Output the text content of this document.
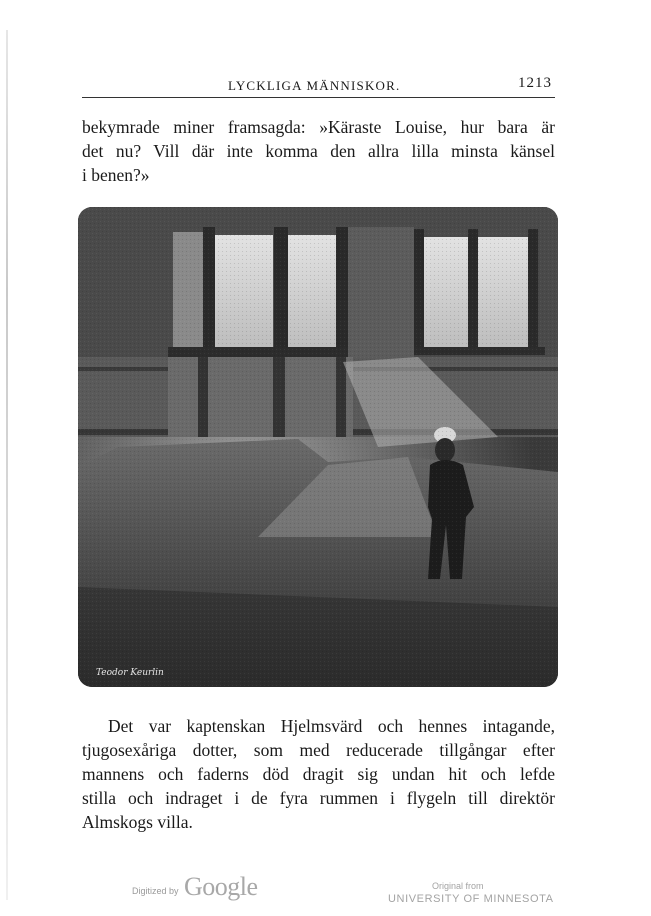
LYCKLIGA MÄNNISKOR.	1213

bekymrade miner framsagda: »Käraste Louise, hur bara är
det nu? Vill där inte komma den allra lilla minsta känsel
i benen?»

Teodor Keurlin

Det var kaptenskan Hjelmsvärd och hennes intagande,
tjugosexåriga dotter, som med reducerade tillgångar efter
mannens och faderns död dragit sig undan hit och lefde
stilla och indraget i de fyra rummen i flygeln till direktör
Almskogs villa.

Digitized by Google	Original from
UNIVERSITY OF MINNESOTA
